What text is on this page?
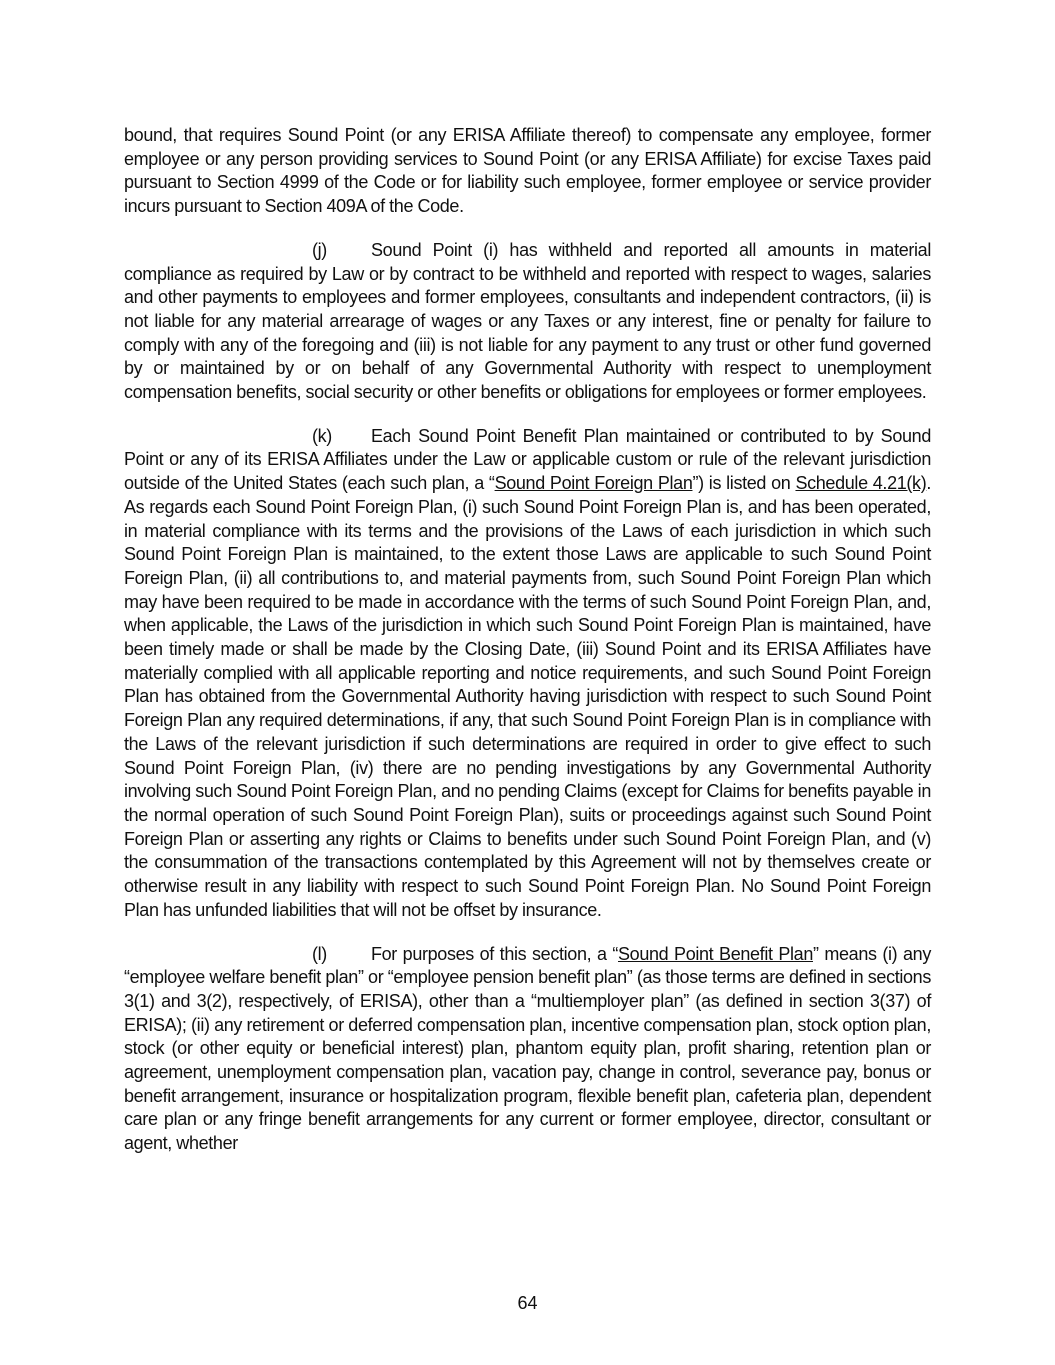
bound, that requires Sound Point (or any ERISA Affiliate thereof) to compensate any employee, former employee or any person providing services to Sound Point (or any ERISA Affiliate) for excise Taxes paid pursuant to Section 4999 of the Code or for liability such employee, former employee or service provider incurs pursuant to Section 409A of the Code.

(j) Sound Point (i) has withheld and reported all amounts in material compliance as required by Law or by contract to be withheld and reported with respect to wages, salaries and other payments to employees and former employees, consultants and independent contractors, (ii) is not liable for any material arrearage of wages or any Taxes or any interest, fine or penalty for failure to comply with any of the foregoing and (iii) is not liable for any payment to any trust or other fund governed by or maintained by or on behalf of any Governmental Authority with respect to unemployment compensation benefits, social security or other benefits or obligations for employees or former employees.

(k) Each Sound Point Benefit Plan maintained or contributed to by Sound Point or any of its ERISA Affiliates under the Law or applicable custom or rule of the relevant jurisdiction outside of the United States (each such plan, a “Sound Point Foreign Plan”) is listed on Schedule 4.21(k). As regards each Sound Point Foreign Plan, (i) such Sound Point Foreign Plan is, and has been operated, in material compliance with its terms and the provisions of the Laws of each jurisdiction in which such Sound Point Foreign Plan is maintained, to the extent those Laws are applicable to such Sound Point Foreign Plan, (ii) all contributions to, and material payments from, such Sound Point Foreign Plan which may have been required to be made in accordance with the terms of such Sound Point Foreign Plan, and, when applicable, the Laws of the jurisdiction in which such Sound Point Foreign Plan is maintained, have been timely made or shall be made by the Closing Date, (iii) Sound Point and its ERISA Affiliates have materially complied with all applicable reporting and notice requirements, and such Sound Point Foreign Plan has obtained from the Governmental Authority having jurisdiction with respect to such Sound Point Foreign Plan any required determinations, if any, that such Sound Point Foreign Plan is in compliance with the Laws of the relevant jurisdiction if such determinations are required in order to give effect to such Sound Point Foreign Plan, (iv) there are no pending investigations by any Governmental Authority involving such Sound Point Foreign Plan, and no pending Claims (except for Claims for benefits payable in the normal operation of such Sound Point Foreign Plan), suits or proceedings against such Sound Point Foreign Plan or asserting any rights or Claims to benefits under such Sound Point Foreign Plan, and (v) the consummation of the transactions contemplated by this Agreement will not by themselves create or otherwise result in any liability with respect to such Sound Point Foreign Plan. No Sound Point Foreign Plan has unfunded liabilities that will not be offset by insurance.

(l) For purposes of this section, a “Sound Point Benefit Plan” means (i) any “employee welfare benefit plan” or “employee pension benefit plan” (as those terms are defined in sections 3(1) and 3(2), respectively, of ERISA), other than a “multiemployer plan” (as defined in section 3(37) of ERISA); (ii) any retirement or deferred compensation plan, incentive compensation plan, stock option plan, stock (or other equity or beneficial interest) plan, phantom equity plan, profit sharing, retention plan or agreement, unemployment compensation plan, vacation pay, change in control, severance pay, bonus or benefit arrangement, insurance or hospitalization program, flexible benefit plan, cafeteria plan, dependent care plan or any fringe benefit arrangements for any current or former employee, director, consultant or agent, whether

64
